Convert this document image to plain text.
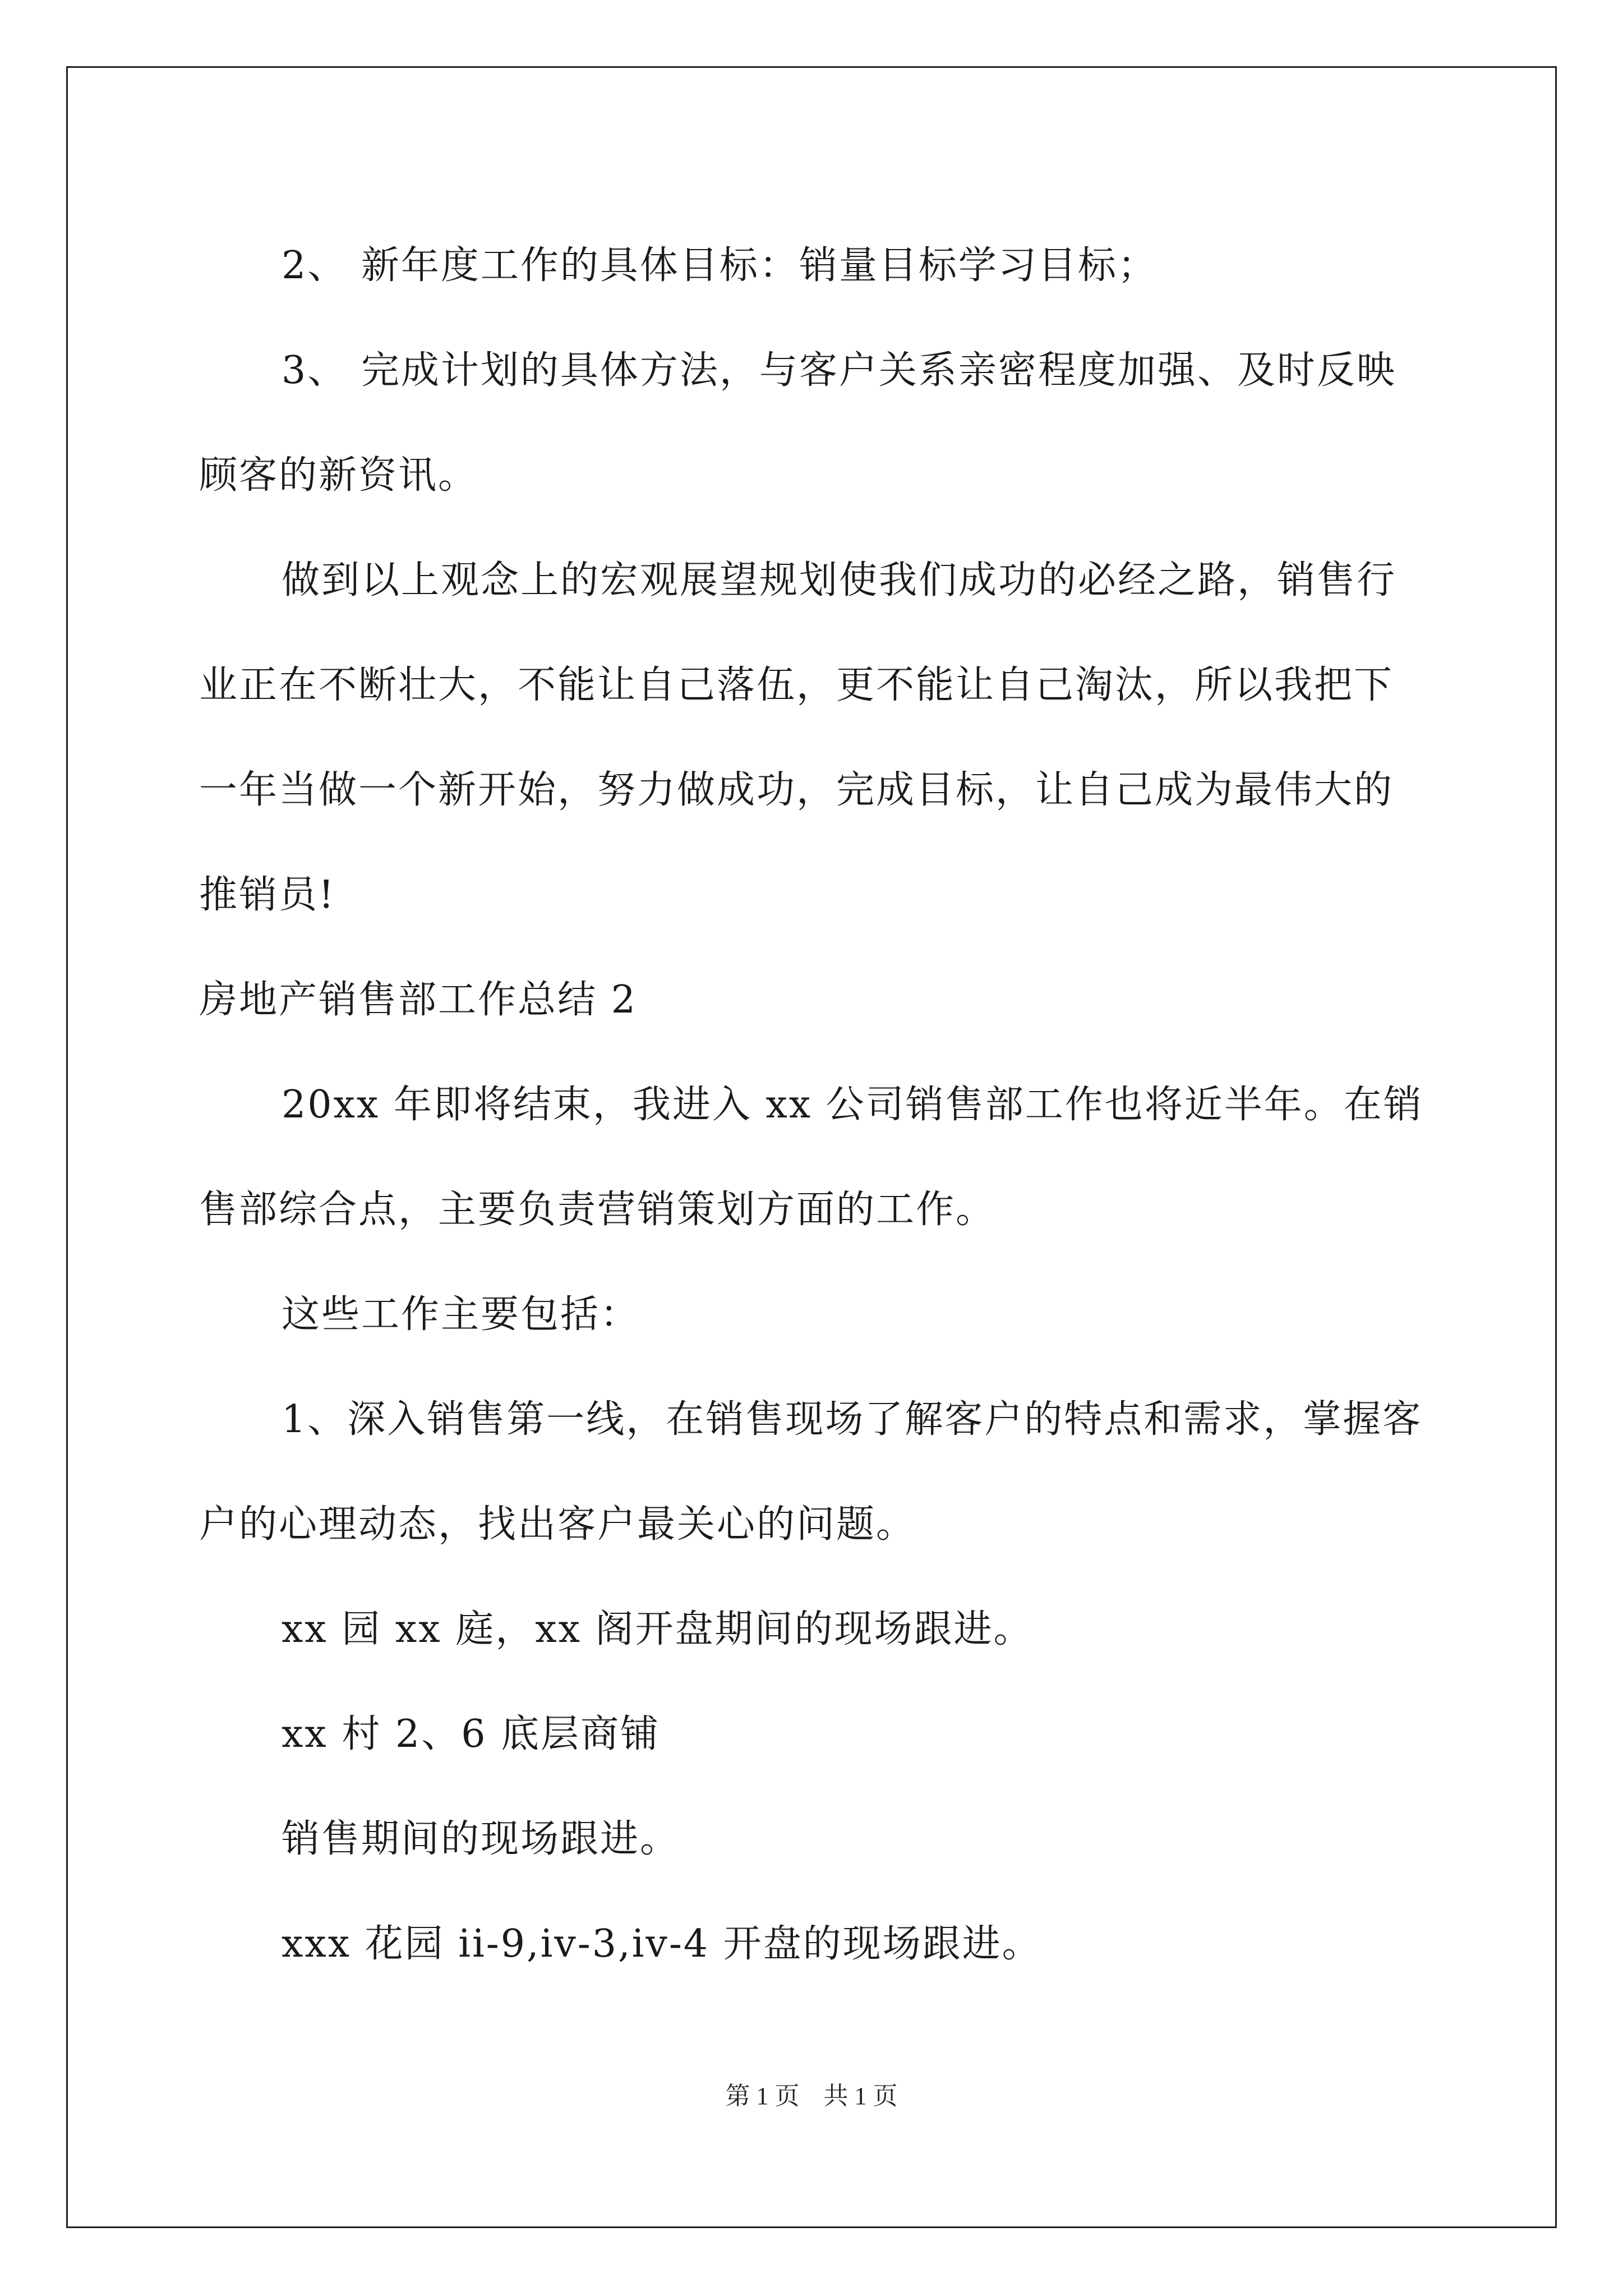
2、 新年度工作的具体目标：销量目标学习目标；
3、 完成计划的具体方法，与客户关系亲密程度加强、及时反映
顾客的新资讯。
做到以上观念上的宏观展望规划使我们成功的必经之路，销售行
业正在不断壮大，不能让自己落伍，更不能让自己淘汰，所以我把下
一年当做一个新开始，努力做成功，完成目标，让自己成为最伟大的
推销员!
房地产销售部工作总结 2
20xx 年即将结束，我进入 xx 公司销售部工作也将近半年。在销
售部综合点，主要负责营销策划方面的工作。
这些工作主要包括：
1、深入销售第一线，在销售现场了解客户的特点和需求，掌握客
户的心理动态，找出客户最关心的问题。
xx 园 xx 庭，xx 阁开盘期间的现场跟进。
xx 村 2、6 底层商铺
销售期间的现场跟进。
xxx 花园 ii-9,iv-3,iv-4 开盘的现场跟进。
第 1 页 共 1 页
